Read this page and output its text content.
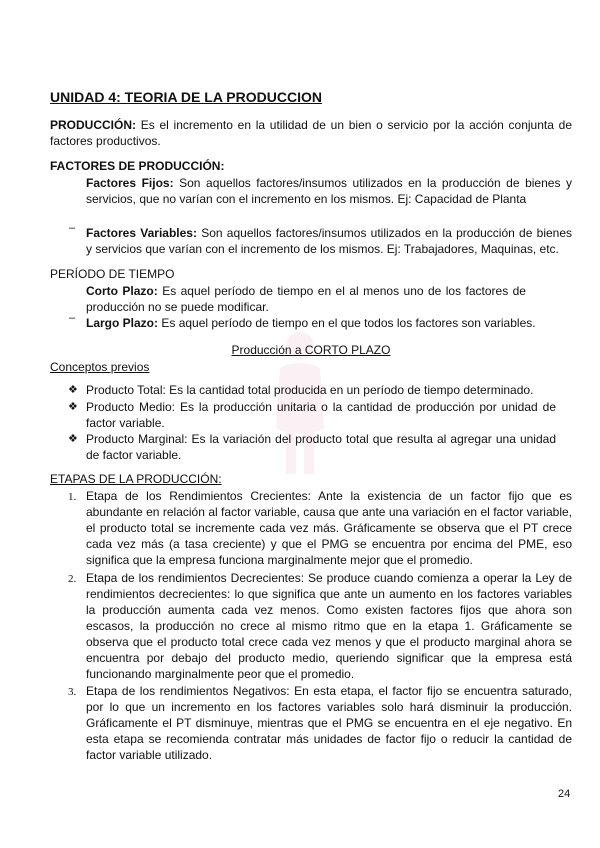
UNIDAD 4: TEORIA DE LA PRODUCCION
PRODUCCIÓN: Es el incremento en la utilidad de un bien o servicio por la acción conjunta de factores productivos.
FACTORES DE PRODUCCIÓN:
Factores Fijos: Son aquellos factores/insumos utilizados en la producción de bienes y servicios, que no varían con el incremento en los mismos. Ej: Capacidad de Planta
– Factores Variables: Son aquellos factores/insumos utilizados en la producción de bienes y servicios que varían con el incremento de los mismos. Ej: Trabajadores, Maquinas, etc.
PERÍODO DE TIEMPO
Corto Plazo: Es aquel período de tiempo en el al menos uno de los factores de producción no se puede modificar.
– Largo Plazo: Es aquel período de tiempo en el que todos los factores son variables.
Producción a CORTO PLAZO
Conceptos previos
❖ Producto Total: Es la cantidad total producida en un período de tiempo determinado.
❖ Producto Medio: Es la producción unitaria o la cantidad de producción por unidad de factor variable.
❖ Producto Marginal: Es la variación del producto total que resulta al agregar una unidad de factor variable.
ETAPAS DE LA PRODUCCIÓN:
1. Etapa de los Rendimientos Crecientes: Ante la existencia de un factor fijo que es abundante en relación al factor variable, causa que ante una variación en el factor variable, el producto total se incremente cada vez más. Gráficamente se observa que el PT crece cada vez más (a tasa creciente) y que el PMG se encuentra por encima del PME, eso significa que la empresa funciona marginalmente mejor que el promedio.
2. Etapa de los rendimientos Decrecientes: Se produce cuando comienza a operar la Ley de rendimientos decrecientes: lo que significa que ante un aumento en los factores variables la producción aumenta cada vez menos. Como existen factores fijos que ahora son escasos, la producción no crece al mismo ritmo que en la etapa 1. Gráficamente se observa que el producto total crece cada vez menos y que el producto marginal ahora se encuentra por debajo del producto medio, queriendo significar que la empresa está funcionando marginalmente peor que el promedio.
3. Etapa de los rendimientos Negativos: En esta etapa, el factor fijo se encuentra saturado, por lo que un incremento en los factores variables solo hará disminuir la producción. Gráficamente el PT disminuye, mientras que el PMG se encuentra en el eje negativo. En esta etapa se recomienda contratar más unidades de factor fijo o reducir la cantidad de factor variable utilizado.
24
